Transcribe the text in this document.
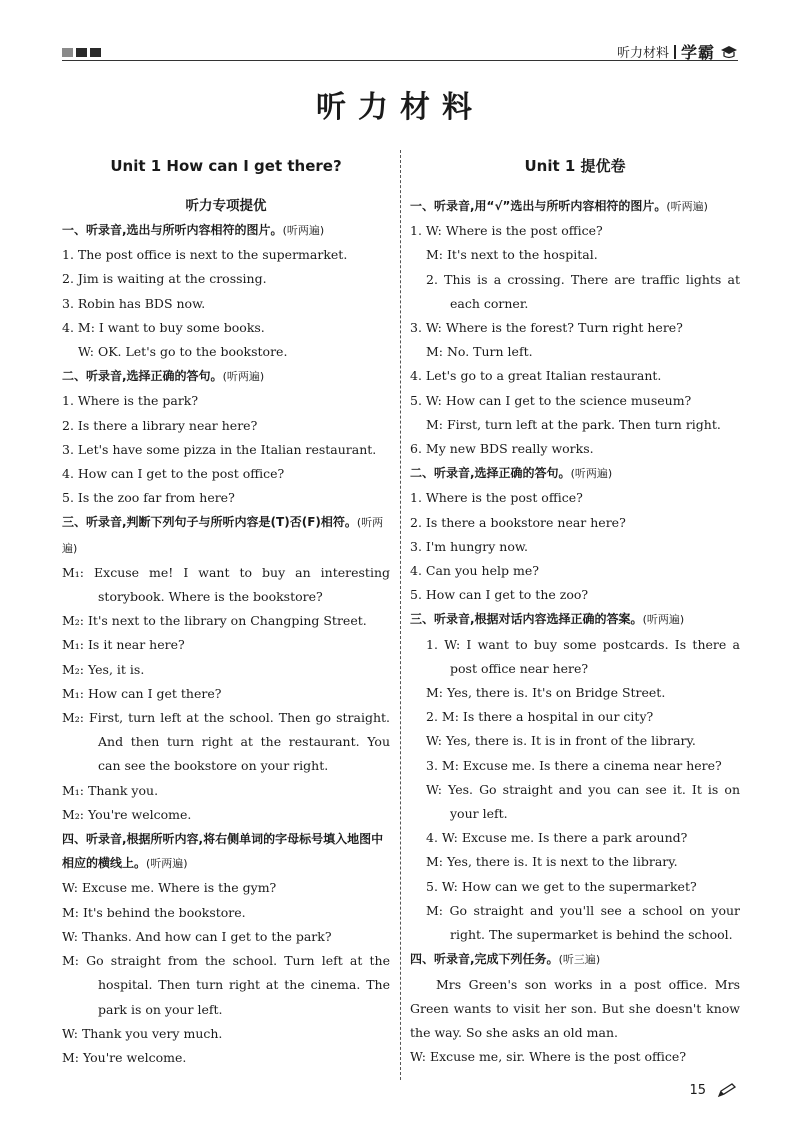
听力材料 学霸
听力材料
Unit 1 How can I get there?
听力专项提优
一、听录音,选出与所听内容相符的图片。(听两遍)
1. The post office is next to the supermarket.
2. Jim is waiting at the crossing.
3. Robin has BDS now.
4. M: I want to buy some books.
W: OK. Let's go to the bookstore.
二、听录音,选择正确的答句。(听两遍)
1. Where is the park?
2. Is there a library near here?
3. Let's have some pizza in the Italian restaurant.
4. How can I get to the post office?
5. Is the zoo far from here?
三、听录音,判断下列句子与所听内容是(T)否(F)相符。(听两遍)
M₁: Excuse me! I want to buy an interesting storybook. Where is the bookstore?
M₂: It's next to the library on Changping Street.
M₁: Is it near here?
M₂: Yes, it is.
M₁: How can I get there?
M₂: First, turn left at the school. Then go straight. And then turn right at the restaurant. You can see the bookstore on your right.
M₁: Thank you.
M₂: You're welcome.
四、听录音,根据所听内容,将右侧单词的字母标号填入地图中相应的横线上。(听两遍)
W: Excuse me. Where is the gym?
M: It's behind the bookstore.
W: Thanks. And how can I get to the park?
M: Go straight from the school. Turn left at the hospital. Then turn right at the cinema. The park is on your left.
W: Thank you very much.
M: You're welcome.
Unit 1 提优卷
一、听录音,用“√”选出与所听内容相符的图片。(听两遍)
1. W: Where is the post office?
M: It's next to the hospital.
2. This is a crossing. There are traffic lights at each corner.
3. W: Where is the forest? Turn right here?
M: No. Turn left.
4. Let's go to a great Italian restaurant.
5. W: How can I get to the science museum?
M: First, turn left at the park. Then turn right.
6. My new BDS really works.
二、听录音,选择正确的答句。(听两遍)
1. Where is the post office?
2. Is there a bookstore near here?
3. I'm hungry now.
4. Can you help me?
5. How can I get to the zoo?
三、听录音,根据对话内容选择正确的答案。(听两遍)
1. W: I want to buy some postcards. Is there a post office near here?
M: Yes, there is. It's on Bridge Street.
2. M: Is there a hospital in our city?
W: Yes, there is. It is in front of the library.
3. M: Excuse me. Is there a cinema near here?
W: Yes. Go straight and you can see it. It is on your left.
4. W: Excuse me. Is there a park around?
M: Yes, there is. It is next to the library.
5. W: How can we get to the supermarket?
M: Go straight and you'll see a school on your right. The supermarket is behind the school.
四、听录音,完成下列任务。(听三遍)
Mrs Green's son works in a post office. Mrs Green wants to visit her son. But she doesn't know the way. So she asks an old man.
W: Excuse me, sir. Where is the post office?
15
